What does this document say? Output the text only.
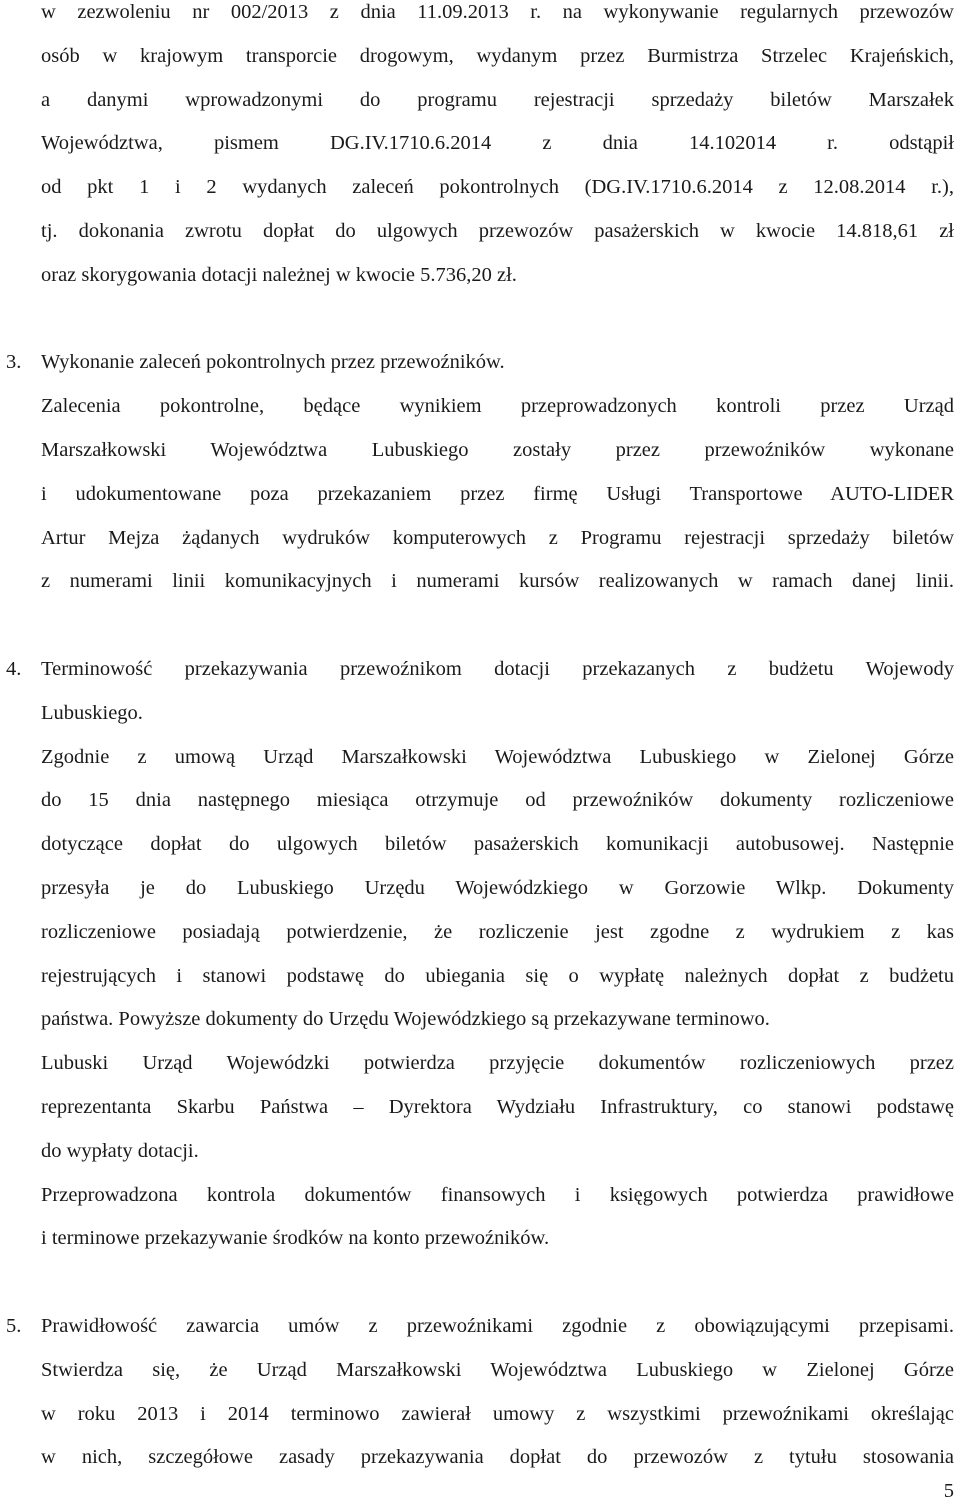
w zezwoleniu nr 002/2013 z dnia 11.09.2013 r. na wykonywanie regularnych przewozów
osób w krajowym transporcie drogowym, wydanym przez Burmistrza Strzelec Krajeńskich,
a danymi wprowadzonymi do programu rejestracji sprzedaży biletów Marszałek
Województwa, pismem DG.IV.1710.6.2014 z dnia 14.102014 r. odstąpił
od pkt 1 i 2 wydanych zaleceń pokontrolnych (DG.IV.1710.6.2014 z 12.08.2014 r.),
tj. dokonania zwrotu dopłat do ulgowych przewozów pasażerskich w kwocie 14.818,61 zł
oraz skorygowania dotacji należnej w kwocie 5.736,20 zł.
3. Wykonanie zaleceń pokontrolnych przez przewoźników.
Zalecenia pokontrolne, będące wynikiem przeprowadzonych kontroli przez Urząd
Marszałkowski Województwa Lubuskiego zostały przez przewoźników wykonane
i udokumentowane poza przekazaniem przez firmę Usługi Transportowe AUTO-LIDER
Artur Mejza żądanych wydruków komputerowych z Programu rejestracji sprzedaży biletów
z numerami linii komunikacyjnych i numerami kursów realizowanych w ramach danej linii.
4. Terminowość przekazywania przewoźnikom dotacji przekazanych z budżetu Wojewody
Lubuskiego.
Zgodnie z umową Urząd Marszałkowski Województwa Lubuskiego w Zielonej Górze
do 15 dnia następnego miesiąca otrzymuje od przewoźników dokumenty rozliczeniowe
dotyczące dopłat do ulgowych biletów pasażerskich komunikacji autobusowej. Następnie
przesyła je do Lubuskiego Urzędu Wojewódzkiego w Gorzowie Wlkp. Dokumenty
rozliczeniowe posiadają potwierdzenie, że rozliczenie jest zgodne z wydrukiem z kas
rejestrujących i stanowi podstawę do ubiegania się o wypłatę należnych dopłat z budżetu
państwa. Powyższe dokumenty do Urzędu Wojewódzkiego są przekazywane terminowo.
Lubuski Urząd Wojewódzki potwierdza przyjęcie dokumentów rozliczeniowych przez
reprezentanta Skarbu Państwa – Dyrektora Wydziału Infrastruktury, co stanowi podstawę
do wypłaty dotacji.
Przeprowadzona kontrola dokumentów finansowych i księgowych potwierdza prawidłowe
i terminowe przekazywanie środków na konto przewoźników.
Prawidłowość zawarcia umów z przewoźnikami zgodnie z obowiązującymi przepisami.
5.
Stwierdza się, że Urząd Marszałkowski Województwa Lubuskiego w Zielonej Górze
w roku 2013 i 2014 terminowo zawierał umowy z wszystkimi przewoźnikami określając
w nich, szczegółowe zasady przekazywania dopłat do przewozów z tytułu stosowania
5
